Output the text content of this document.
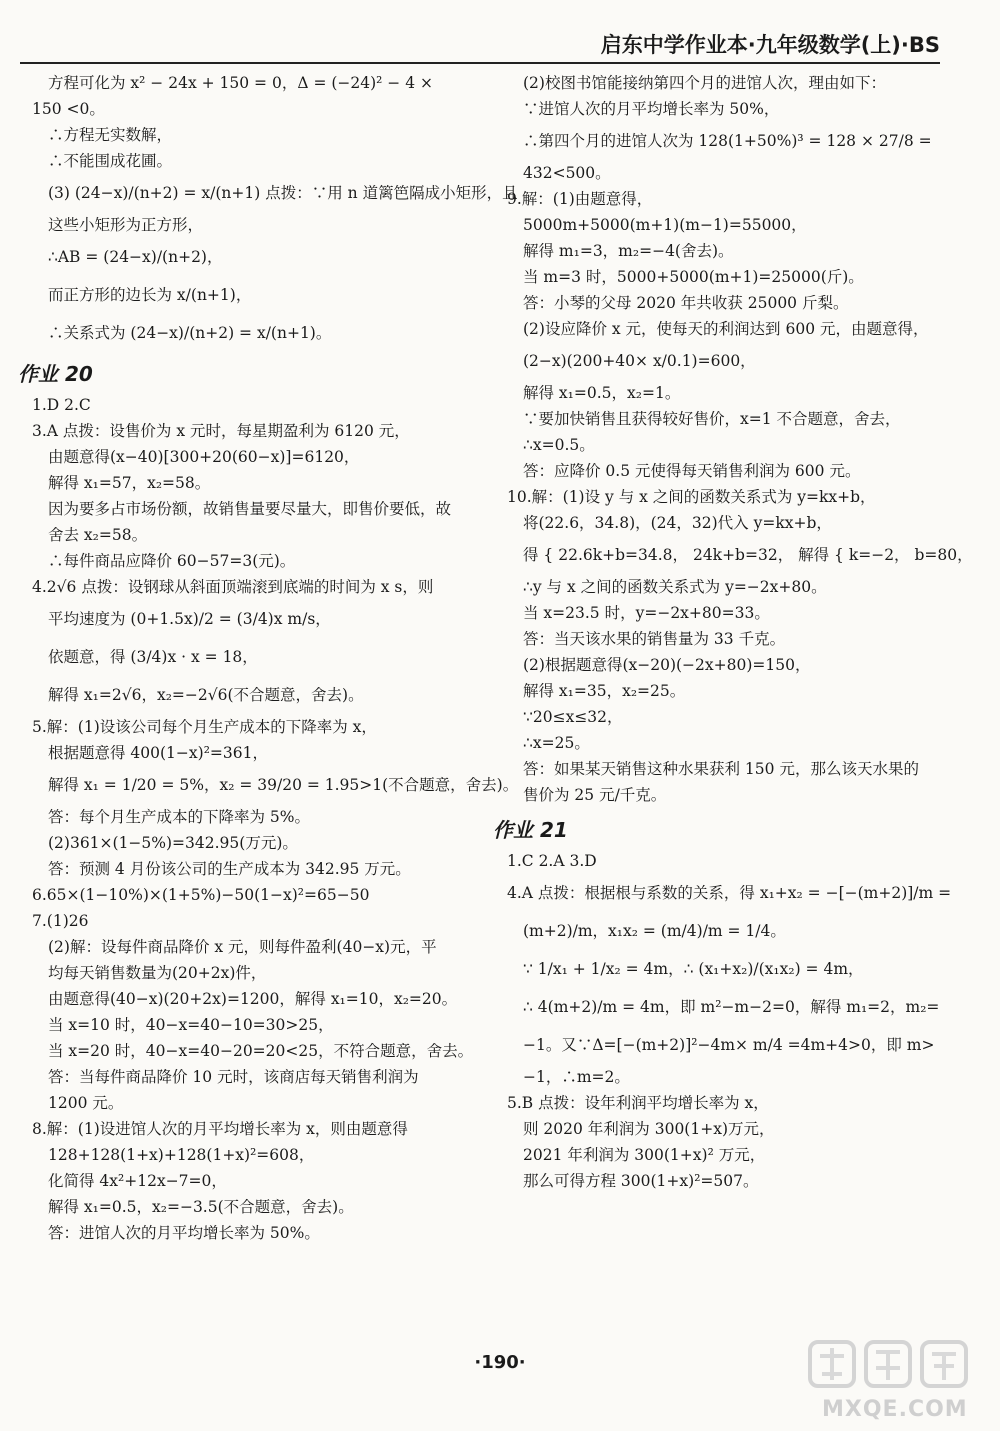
启东中学作业本·九年级数学(上)·BS
方程可化为 x² − 24x + 150 = 0，Δ = (−24)² − 4 ×
150 <0。
∴方程无实数解，
∴不能围成花圃。
(3) (24−x)/(n+2) = x/(n+1) 点拨：∵用 n 道篱笆隔成小矩形，且
这些小矩形为正方形，
∴AB = (24−x)/(n+2)，
而正方形的边长为 x/(n+1)，
∴关系式为 (24−x)/(n+2) = x/(n+1)。
作业 20
1.D 2.C
3.A 点拨：设售价为 x 元时，每星期盈利为 6120 元，
由题意得(x−40)[300+20(60−x)]=6120，
解得 x₁=57，x₂=58。
因为要多占市场份额，故销售量要尽量大，即售价要低，故
舍去 x₂=58。
∴每件商品应降价 60−57=3(元)。
4.2√6 点拨：设钢球从斜面顶端滚到底端的时间为 x s，则
平均速度为 (0+1.5x)/2 = (3/4)x m/s，
依题意，得 (3/4)x · x = 18，
解得 x₁=2√6，x₂=−2√6(不合题意，舍去)。
5.解：(1)设该公司每个月生产成本的下降率为 x，
根据题意得 400(1−x)²=361，
解得 x₁ = 1/20 = 5%，x₂ = 39/20 = 1.95>1(不合题意，舍去)。
答：每个月生产成本的下降率为 5%。
(2)361×(1−5%)=342.95(万元)。
答：预测 4 月份该公司的生产成本为 342.95 万元。
6.65×(1−10%)×(1+5%)−50(1−x)²=65−50
7.(1)26
(2)解：设每件商品降价 x 元，则每件盈利(40−x)元，平
均每天销售数量为(20+2x)件，
由题意得(40−x)(20+2x)=1200，解得 x₁=10，x₂=20。
当 x=10 时，40−x=40−10=30>25，
当 x=20 时，40−x=40−20=20<25，不符合题意，舍去。
答：当每件商品降价 10 元时，该商店每天销售利润为
1200 元。
8.解：(1)设进馆人次的月平均增长率为 x，则由题意得
128+128(1+x)+128(1+x)²=608，
化简得 4x²+12x−7=0，
解得 x₁=0.5，x₂=−3.5(不合题意，舍去)。
答：进馆人次的月平均增长率为 50%。
(2)校图书馆能接纳第四个月的进馆人次，理由如下：
∵进馆人次的月平均增长率为 50%，
∴第四个月的进馆人次为 128(1+50%)³ = 128 × 27/8 =
432<500。
9.解：(1)由题意得，
5000m+5000(m+1)(m−1)=55000，
解得 m₁=3，m₂=−4(舍去)。
当 m=3 时，5000+5000(m+1)=25000(斤)。
答：小琴的父母 2020 年共收获 25000 斤梨。
(2)设应降价 x 元，使每天的利润达到 600 元，由题意得，
(2−x)(200+40× x/0.1)=600，
解得 x₁=0.5，x₂=1。
∵要加快销售且获得较好售价，x=1 不合题意，舍去，
∴x=0.5。
答：应降价 0.5 元使得每天销售利润为 600 元。
10.解：(1)设 y 与 x 之间的函数关系式为 y=kx+b，
将(22.6，34.8)，(24，32)代入 y=kx+b，
得 { 22.6k+b=34.8， 24k+b=32， 解得 { k=−2， b=80，
∴y 与 x 之间的函数关系式为 y=−2x+80。
当 x=23.5 时，y=−2x+80=33。
答：当天该水果的销售量为 33 千克。
(2)根据题意得(x−20)(−2x+80)=150，
解得 x₁=35，x₂=25。
∵20≤x≤32，
∴x=25。
答：如果某天销售这种水果获利 150 元，那么该天水果的
售价为 25 元/千克。
作业 21
1.C 2.A 3.D
4.A 点拨：根据根与系数的关系，得 x₁+x₂ = −[−(m+2)]/m =
(m+2)/m，x₁x₂ = (m/4)/m = 1/4。
∵ 1/x₁ + 1/x₂ = 4m，∴ (x₁+x₂)/(x₁x₂) = 4m，
∴ 4(m+2)/m = 4m，即 m²−m−2=0，解得 m₁=2，m₂=
−1。又∵Δ=[−(m+2)]²−4m× m/4 =4m+4>0，即 m>
−1，∴m=2。
5.B 点拨：设年利润平均增长率为 x，
则 2020 年利润为 300(1+x)万元，
2021 年利润为 300(1+x)² 万元，
那么可得方程 300(1+x)²=507。
·190·
MXQE.COM
